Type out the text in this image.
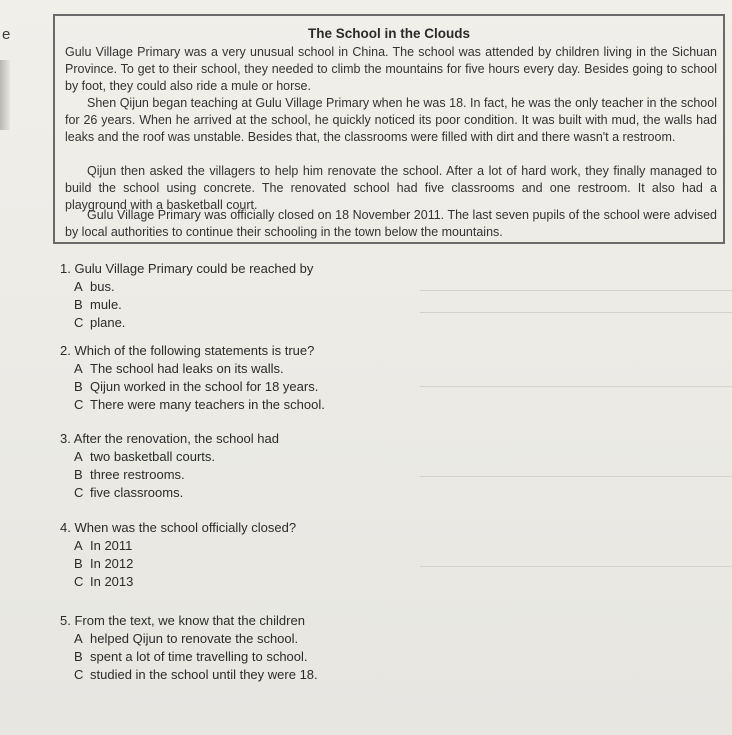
e	The School in the Clouds

Gulu Village Primary was a very unusual school in China. The school was attended by children living in the Sichuan Province. To get to their school, they needed to climb the mountains for five hours every day. Besides going to school by foot, they could also ride a mule or horse.

Shen Qijun began teaching at Gulu Village Primary when he was 18. In fact, he was the only teacher in the school for 26 years. When he arrived at the school, he quickly noticed its poor condition. It was built with mud, the walls had leaks and the roof was unstable. Besides that, the classrooms were filled with dirt and there wasn't a restroom.

Qijun then asked the villagers to help him renovate the school. After a lot of hard work, they finally managed to build the school using concrete. The renovated school had five classrooms and one restroom. It also had a playground with a basketball court.

Gulu Village Primary was officially closed on 18 November 2011. The last seven pupils of the school were advised by local authorities to continue their schooling in the town below the mountains.

1. Gulu Village Primary could be reached by
A bus.
B mule.
C plane.
2. Which of the following statements is true?
A The school had leaks on its walls.
B Qijun worked in the school for 18 years.
C There were many teachers in the school.
3. After the renovation, the school had
A two basketball courts.
B three restrooms.
C five classrooms.
4. When was the school officially closed?
A In 2011
B In 2012
C In 2013
5. From the text, we know that the children
A helped Qijun to renovate the school.
B spent a lot of time travelling to school.
C studied in the school until they were 18.
